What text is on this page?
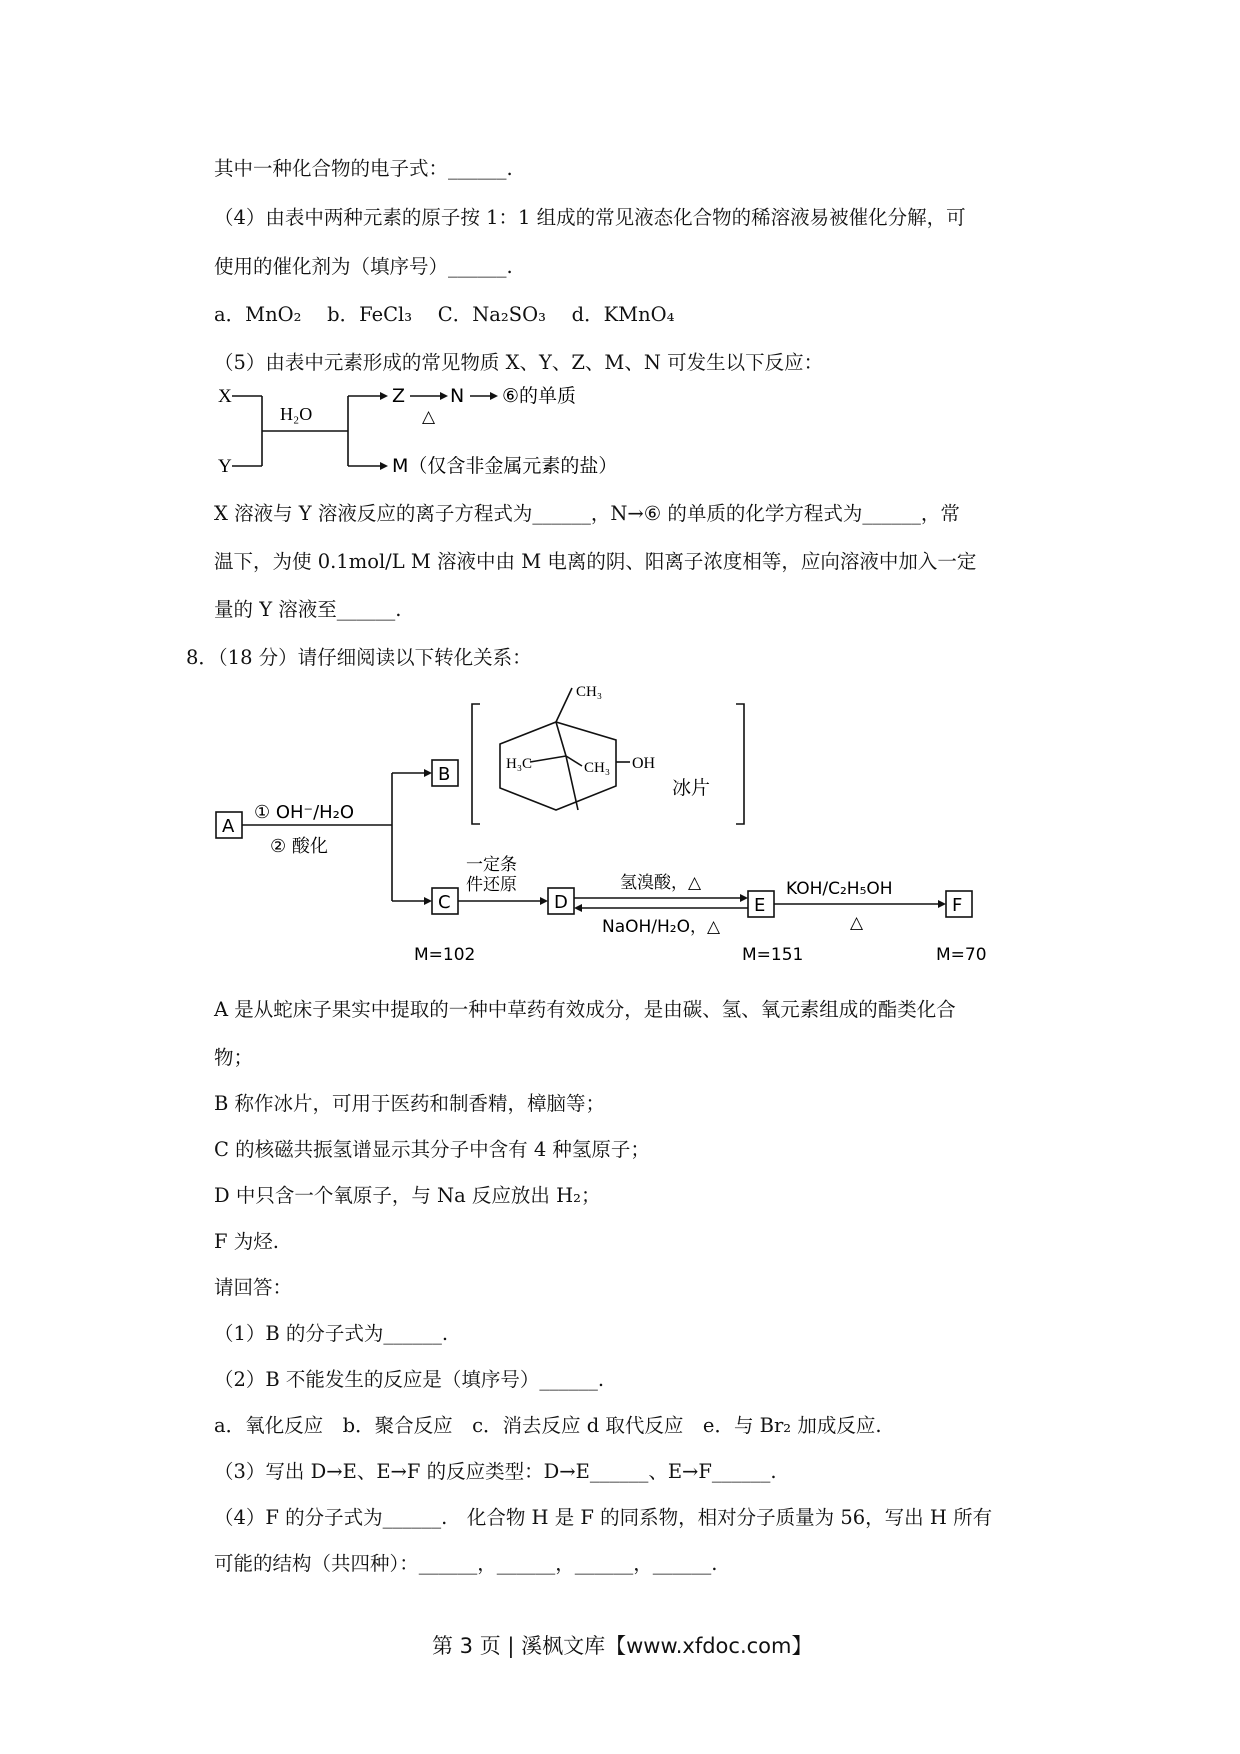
其中一种化合物的电子式：______.
（4）由表中两种元素的原子按 1：1 组成的常见液态化合物的稀溶液易被催化分解，可
使用的催化剂为（填序号）______.
a．MnO₂　 b．FeCl₃　 C．Na₂SO₃　 d．KMnO₄
（5）由表中元素形成的常见物质 X、Y、Z、M、N 可发生以下反应：
X
Y
H₂O
Z N
△
⑥的单质
M（仅含非金属元素的盐）
X 溶液与 Y 溶液反应的离子方程式为______，N→⑥ 的单质的化学方程式为______，常
温下，为使 0.1mol/L M 溶液中由 M 电离的阴、阳离子浓度相等，应向溶液中加入一定
量的 Y 溶液至______.
8．（18 分）请仔细阅读以下转化关系：
A
B
C	D	E	F
① OH⁻/H₂O
② 酸化
一定条
件还原	氢溴酸，△
NaOH/H₂O，△
KOH/C₂H₅OH
△
CH₃
H₃C	CH₃ OH
冰片
M=102	M=151	M=70
A 是从蛇床子果实中提取的一种中草药有效成分，是由碳、氢、氧元素组成的酯类化合
物；
B 称作冰片，可用于医药和制香精，樟脑等；
C 的核磁共振氢谱显示其分子中含有 4 种氢原子；
D 中只含一个氧原子，与 Na 反应放出 H₂；
F 为烃.
请回答：
（1）B 的分子式为______.
（2）B 不能发生的反应是（填序号）______.
a．氧化反应　b．聚合反应　c．消去反应 d 取代反应　e．与 Br₂ 加成反应.
（3）写出 D→E、E→F 的反应类型：D→E______、E→F______.
（4）F 的分子式为______.　化合物 H 是 F 的同系物，相对分子质量为 56，写出 H 所有
可能的结构（共四种）：______，______，______，______.
第 3 页 | 溪枫文库【www.xfdoc.com】
